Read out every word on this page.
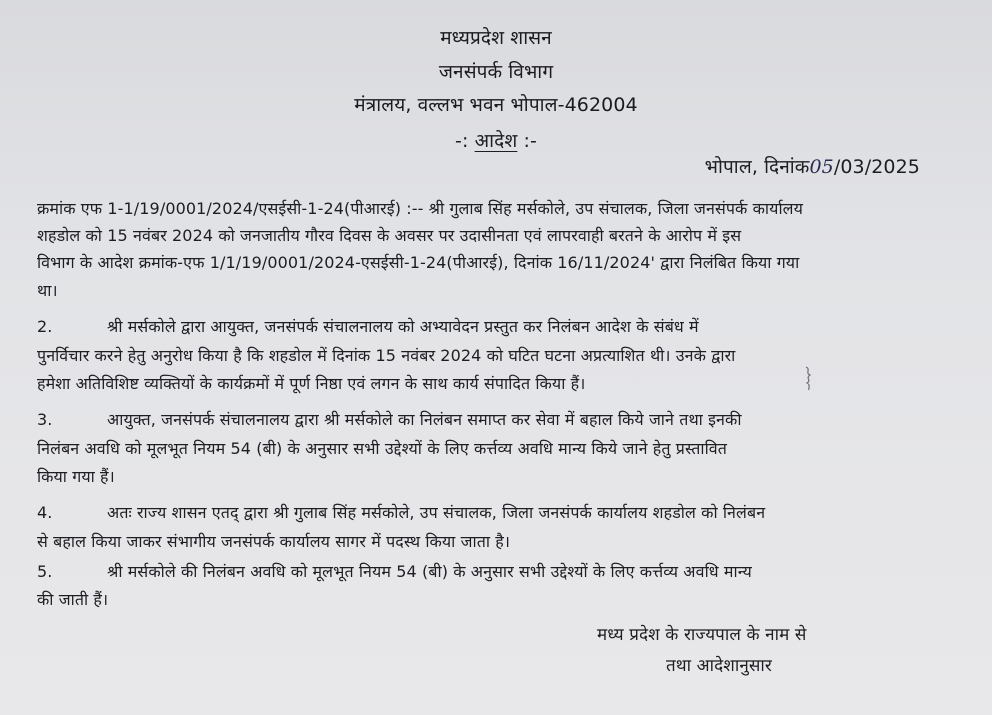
मध्यप्रदेश शासन
जनसंपर्क विभाग
मंत्रालय, वल्लभ भवन भोपाल-462004
-: आदेश :-
भोपाल, दिनांक05/03/2025
क्रमांक एफ 1-1/19/0001/2024/एसईसी-1-24(पीआरई) :-- श्री गुलाब सिंह मर्सकोले, उप संचालक, जिला जनसंपर्क कार्यालय
शहडोल को 15 नवंबर 2024 को जनजातीय गौरव दिवस के अवसर पर उदासीनता एवं लापरवाही बरतने के आरोप में इस
विभाग के आदेश क्रमांक-एफ 1/1/19/0001/2024-एसईसी-1-24(पीआरई), दिनांक 16/11/2024' द्वारा निलंबित किया गया
था।
2.	श्री मर्सकोले द्वारा आयुक्त, जनसंपर्क संचालनालय को अभ्यावेदन प्रस्तुत कर निलंबन आदेश के संबंध में
पुनर्विचार करने हेतु अनुरोध किया है कि शहडोल में दिनांक 15 नवंबर 2024 को घटित घटना अप्रत्याशित थी। उनके द्वारा
हमेशा अतिविशिष्ट व्यक्तियों के कार्यक्रमों में पूर्ण निष्ठा एवं लगन के साथ कार्य संपादित किया हैं।
3.	आयुक्त, जनसंपर्क संचालनालय द्वारा श्री मर्सकोले का निलंबन समाप्त कर सेवा में बहाल किये जाने तथा इनकी
निलंबन अवधि को मूलभूत नियम 54 (बी) के अनुसार सभी उद्देश्यों के लिए कर्त्तव्य अवधि मान्य किये जाने हेतु प्रस्तावित
किया गया हैं।
4.	अतः राज्य शासन एतद् द्वारा श्री गुलाब सिंह मर्सकोले, उप संचालक, जिला जनसंपर्क कार्यालय शहडोल को निलंबन
से बहाल किया जाकर संभागीय जनसंपर्क कार्यालय सागर में पदस्थ किया जाता है।
5.	श्री मर्सकोले की निलंबन अवधि को मूलभूत नियम 54 (बी) के अनुसार सभी उद्देश्यों के लिए कर्त्तव्य अवधि मान्य
की जाती हैं।
मध्य प्रदेश के राज्यपाल के नाम से
तथा आदेशानुसार
